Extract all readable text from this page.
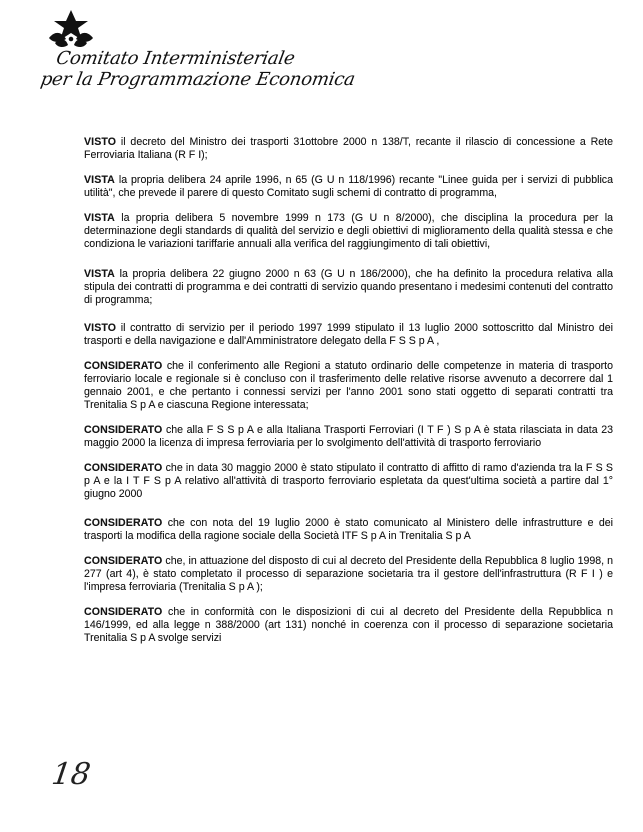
Comitato Interministeriale
per la Programmazione Economica

VISTO il decreto del Ministro dei trasporti 31ottobre 2000 n 138/T, recante il rilascio di concessione a Rete Ferroviaria Italiana (R F I);

VISTA la propria delibera 24 aprile 1996, n 65 (G U n 118/1996) recante "Linee guida per i servizi di pubblica utilità", che prevede il parere di questo Comitato sugli schemi di contratto di programma,

VISTA la propria delibera 5 novembre 1999 n 173 (G U n 8/2000), che disciplina la procedura per la determinazione degli standards di qualità del servizio e degli obiettivi di miglioramento della qualità stessa e che condiziona le variazioni tariffarie annuali alla verifica del raggiungimento di tali obiettivi,

VISTA la propria delibera 22 giugno 2000 n 63 (G U n 186/2000), che ha definito la procedura relativa alla stipula dei contratti di programma e dei contratti di servizio quando presentano i medesimi contenuti del contratto di programma;

VISTO il contratto di servizio per il periodo 1997 1999 stipulato il 13 luglio 2000 sottoscritto dal Ministro dei trasporti e della navigazione e dall'Amministratore delegato della F S S p A ,

CONSIDERATO che il conferimento alle Regioni a statuto ordinario delle competenze in materia di trasporto ferroviario locale e regionale si è concluso con il trasferimento delle relative risorse avvenuto a decorrere dal 1 gennaio 2001, e che pertanto i connessi servizi per l'anno 2001 sono stati oggetto di separati contratti tra Trenitalia S p A e ciascuna Regione interessata;

CONSIDERATO che alla F S S p A e alla Italiana Trasporti Ferroviari (I T F ) S p A è stata rilasciata in data 23 maggio 2000 la licenza di impresa ferroviaria per lo svolgimento dell'attività di trasporto ferroviario

CONSIDERATO che in data 30 maggio 2000 è stato stipulato il contratto di affitto di ramo d'azienda tra la F S S p A e la I T F S p A relativo all'attività di trasporto ferroviario espletata da quest'ultima società a partire dal 1° giugno 2000

CONSIDERATO che con nota del 19 luglio 2000 è stato comunicato al Ministero delle infrastrutture e dei trasporti la modifica della ragione sociale della Società ITF S p A in Trenitalia S p A

CONSIDERATO che, in attuazione del disposto di cui al decreto del Presidente della Repubblica 8 luglio 1998, n 277 (art 4), è stato completato il processo di separazione societaria tra il gestore dell'infrastruttura (R F I ) e l'impresa ferroviaria (Trenitalia S p A );

CONSIDERATO che in conformità con le disposizioni di cui al decreto del Presidente della Repubblica n 146/1999, ed alla legge n 388/2000 (art 131) nonché in coerenza con il processo di separazione societaria Trenitalia S p A svolge servizi

18
